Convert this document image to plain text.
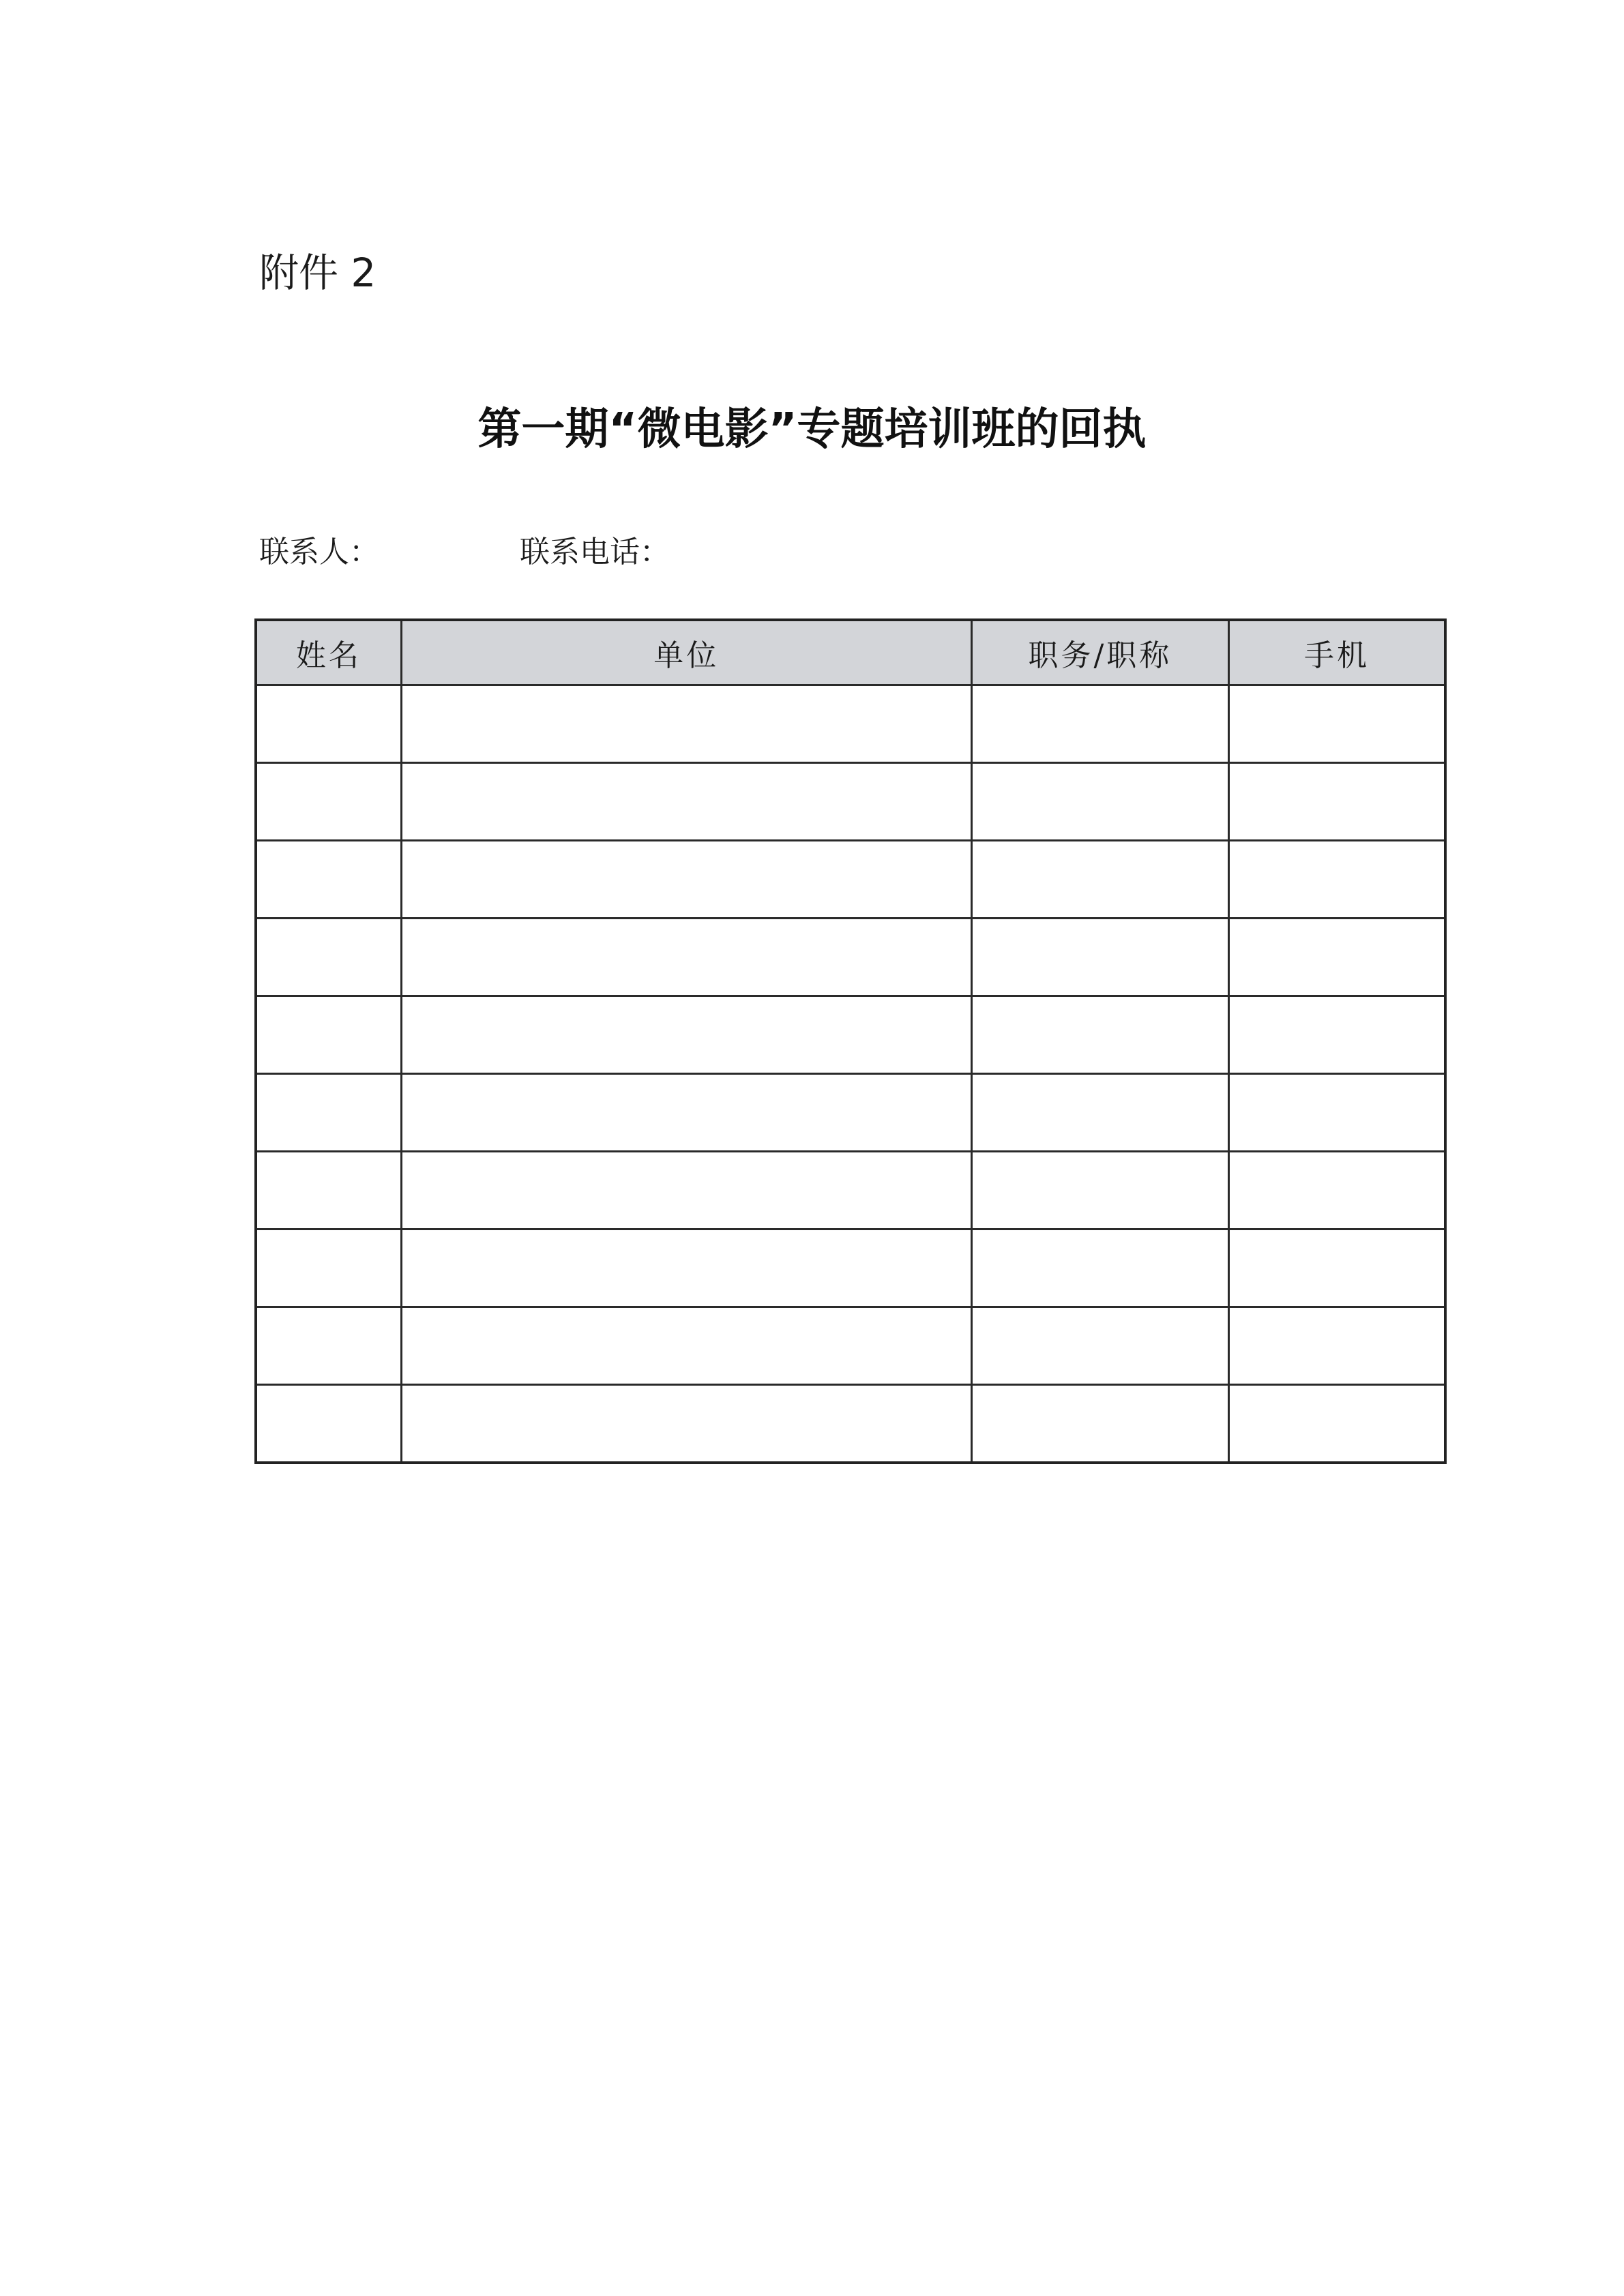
附件 2
第一期“微电影”专题培训班的回执
联系人：	联系电话：
姓名	单位	职务/职称	手机
